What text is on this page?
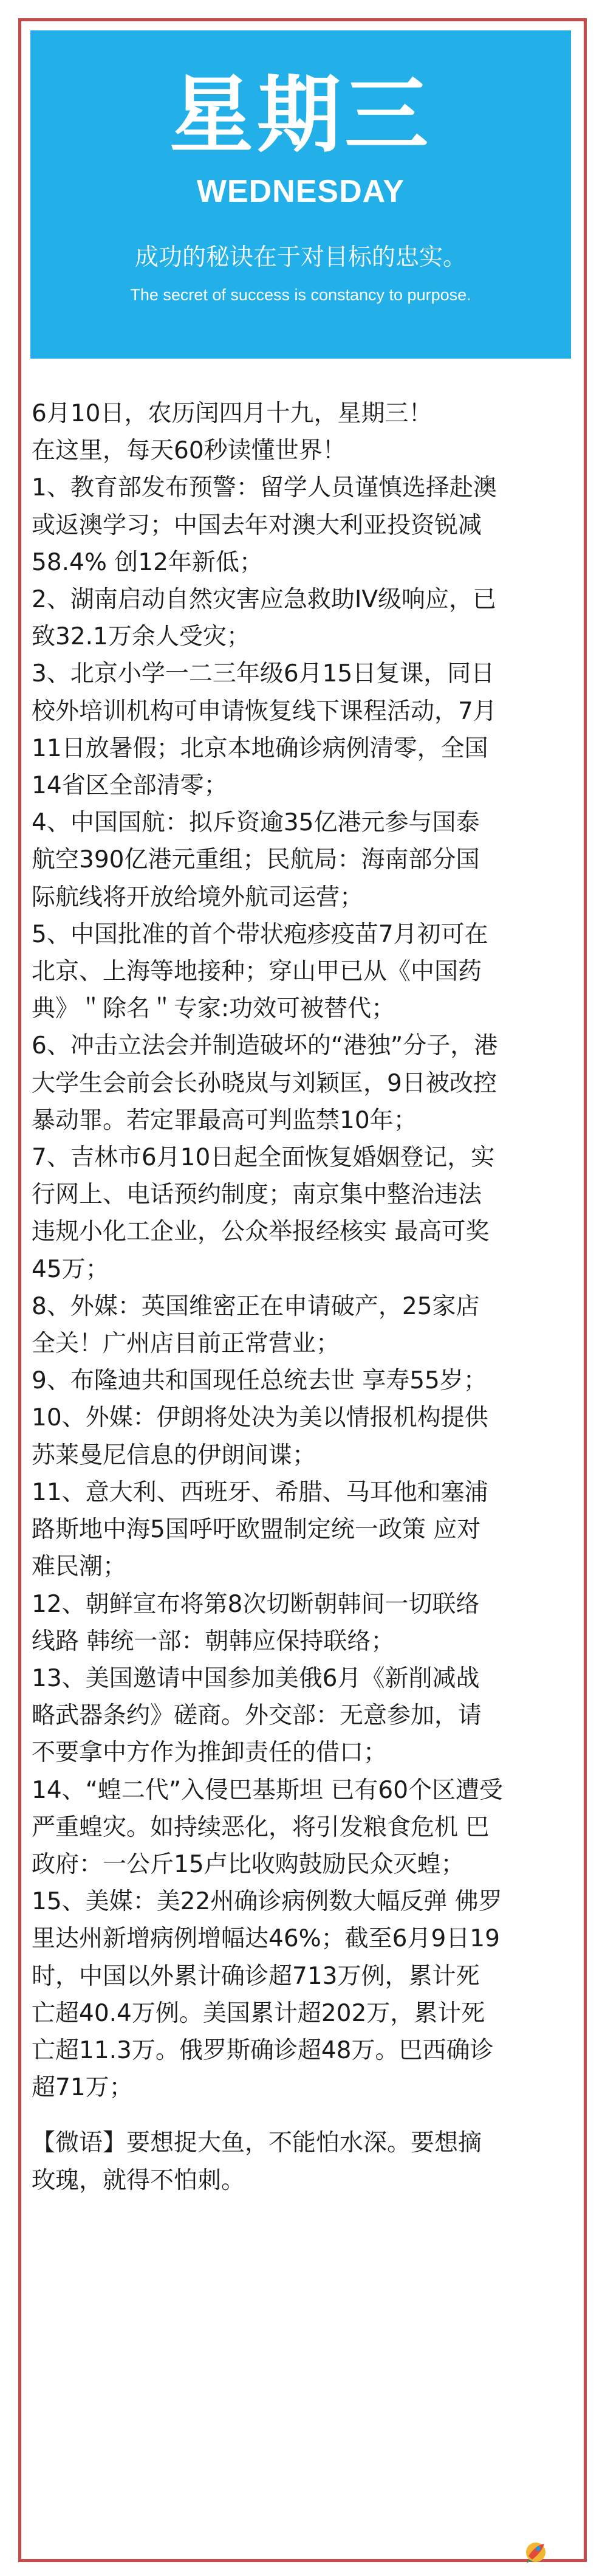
星期三
WEDNESDAY
成功的秘诀在于对目标的忠实。
The secret of success is constancy to purpose.

6月10日，农历闰四月十九，星期三！

在这里，每天60秒读懂世界！

1、教育部发布预警：留学人员谨慎选择赴澳

或返澳学习；中国去年对澳大利亚投资锐减

58.4% 创12年新低；

2、湖南启动自然灾害应急救助IV级响应，已

致32.1万余人受灾；

3、北京小学一二三年级6月15日复课，同日

校外培训机构可申请恢复线下课程活动，7月

11日放暑假；北京本地确诊病例清零，全国

14省区全部清零；

4、中国国航：拟斥资逾35亿港元参与国泰

航空390亿港元重组；民航局：海南部分国

际航线将开放给境外航司运营；

5、中国批准的首个带状疱疹疫苗7月初可在

北京、上海等地接种；穿山甲已从《中国药

典》＂除名＂专家:功效可被替代；

6、冲击立法会并制造破坏的“港独”分子，港

大学生会前会长孙晓岚与刘颖匡，9日被改控

暴动罪。若定罪最高可判监禁10年；

7、吉林市6月10日起全面恢复婚姻登记，实

行网上、电话预约制度；南京集中整治违法

违规小化工企业，公众举报经核实 最高可奖

45万；

8、外媒：英国维密正在申请破产，25家店

全关！广州店目前正常营业；

9、布隆迪共和国现任总统去世 享寿55岁；

10、外媒：伊朗将处决为美以情报机构提供

苏莱曼尼信息的伊朗间谍；

11、意大利、西班牙、希腊、马耳他和塞浦

路斯地中海5国呼吁欧盟制定统一政策 应对

难民潮；

12、朝鲜宣布将第8次切断朝韩间一切联络

线路 韩统一部：朝韩应保持联络；

13、美国邀请中国参加美俄6月《新削减战

略武器条约》磋商。外交部：无意参加，请

不要拿中方作为推卸责任的借口；

14、“蝗二代”入侵巴基斯坦 已有60个区遭受

严重蝗灾。如持续恶化，将引发粮食危机 巴

政府：一公斤15卢比收购鼓励民众灭蝗；

15、美媒：美22州确诊病例数大幅反弹 佛罗

里达州新增病例增幅达46%；截至6月9日19

时，中国以外累计确诊超713万例，累计死

亡超40.4万例。美国累计超202万，累计死

亡超11.3万。俄罗斯确诊超48万。巴西确诊

超71万；

【微语】要想捉大鱼，不能怕水深。要想摘

玫瑰，就得不怕刺。
